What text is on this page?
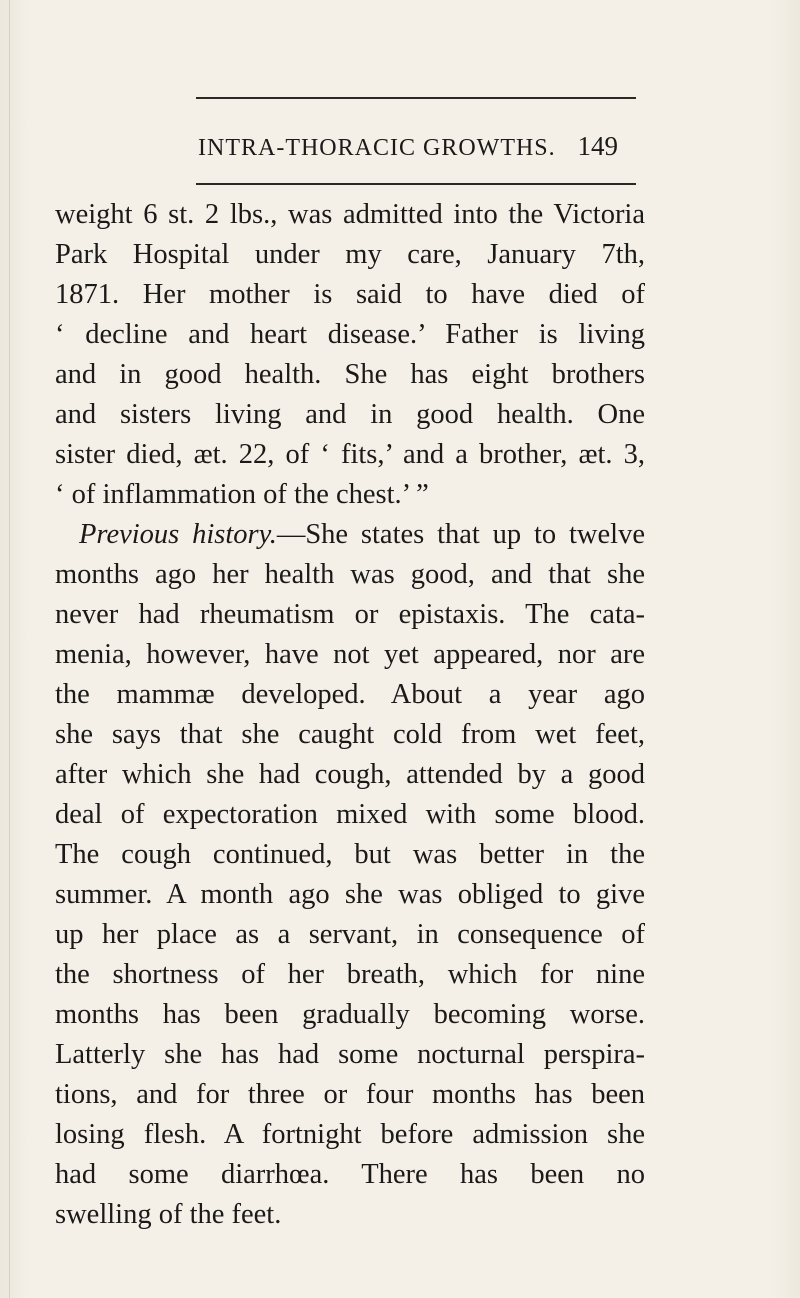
INTRA-THORACIC GROWTHS. 149
weight 6 st. 2 lbs., was admitted into the Victoria
Park Hospital under my care, January 7th,
1871. Her mother is said to have died of
‘ decline and heart disease.’ Father is living
and in good health. She has eight brothers
and sisters living and in good health. One
sister died, æt. 22, of ‘ fits,’ and a brother, æt. 3,
‘ of inflammation of the chest.’ ”
Previous history.—She states that up to twelve
months ago her health was good, and that she
never had rheumatism or epistaxis. The cata-
menia, however, have not yet appeared, nor are
the mammæ developed. About a year ago
she says that she caught cold from wet feet,
after which she had cough, attended by a good
deal of expectoration mixed with some blood.
The cough continued, but was better in the
summer. A month ago she was obliged to give
up her place as a servant, in consequence of
the shortness of her breath, which for nine
months has been gradually becoming worse.
Latterly she has had some nocturnal perspira-
tions, and for three or four months has been
losing flesh. A fortnight before admission she
had some diarrhœa. There has been no
swelling of the feet.
